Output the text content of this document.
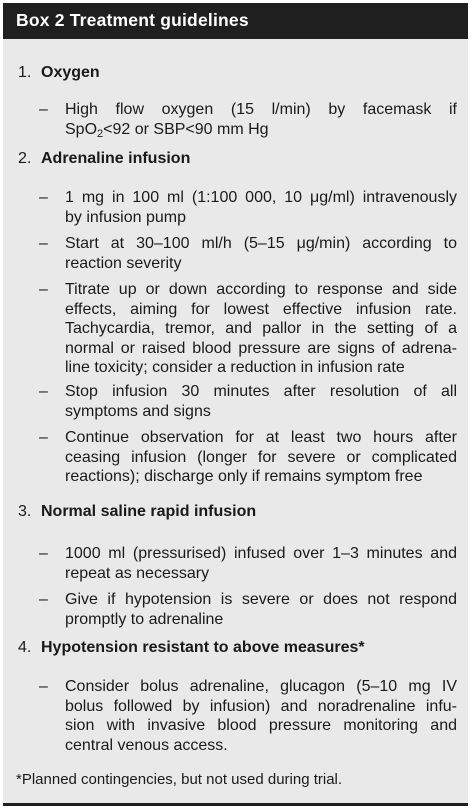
Box 2 Treatment guidelines
*Planned contingencies, but not used during trial.
1. Oxygen
– High flow oxygen (15 l/min) by facemask if
SpO$_2$<92 or SBP<90 mm Hg
2. Adrenaline infusion
– 1 mg in 100 ml (1:100 000, 10 μg/ml) intravenously
by infusion pump
– Start at 30–100 ml/h (5–15 μg/min) according to
reaction severity
– Titrate up or down according to response and side
effects, aiming for lowest effective infusion rate.
Tachycardia, tremor, and pallor in the setting of a
normal or raised blood pressure are signs of adrena-
line toxicity; consider a reduction in infusion rate
– Stop infusion 30 minutes after resolution of all
symptoms and signs
– Continue observation for at least two hours after
ceasing infusion (longer for severe or complicated
reactions); discharge only if remains symptom free
3. Normal saline rapid infusion
– 1000 ml (pressurised) infused over 1–3 minutes and
repeat as necessary
– Give if hypotension is severe or does not respond
promptly to adrenaline
4. Hypotension resistant to above measures*
– Consider bolus adrenaline, glucagon (5–10 mg IV
bolus followed by infusion) and noradrenaline infu-
sion with invasive blood pressure monitoring and
central venous access.
